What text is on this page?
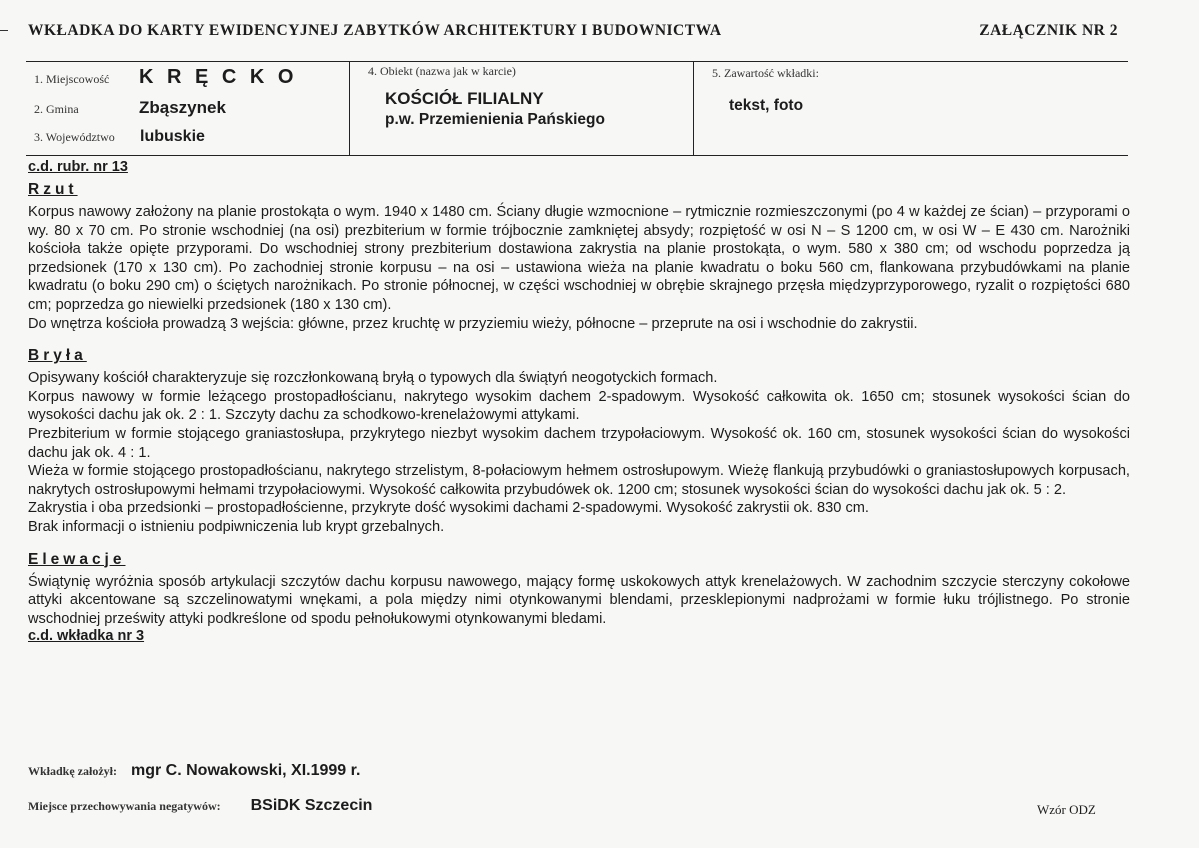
WKŁADKA DO KARTY EWIDENCYJNEJ ZABYTKÓW ARCHITEKTURY I BUDOWNICTWA	ZAŁĄCZNIK NR 2
1. Miejscowość	K R Ę C K O
2. Gmina	Zbąszynek
3. Województwo	lubuskie
4. Obiekt (nazwa jak w karcie)
KOŚCIÓŁ FILIALNY
p.w. Przemienienia Pańskiego
5. Zawartość wkładki:
tekst, foto
c.d. rubr. nr 13
Rzut

Korpus nawowy założony na planie prostokąta o wym. 1940 x 1480 cm. Ściany długie wzmocnione – rytmicznie rozmieszczonymi (po 4 w każdej ze ścian) – przyporami o wy. 80 x 70 cm. Po stronie wschodniej (na osi) prezbiterium w formie trójbocznie zamkniętej absydy; rozpiętość w osi N – S 1200 cm, w osi W – E 430 cm. Narożniki kościoła także opięte przyporami. Do wschodniej strony prezbiterium dostawiona zakrystia na planie prostokąta, o wym. 580 x 380 cm; od wschodu poprzedza ją przedsionek (170 x 130 cm). Po zachodniej stronie korpusu – na osi – ustawiona wieża na planie kwadratu o boku 560 cm, flankowana przybudówkami na planie kwadratu (o boku 290 cm) o ściętych narożnikach. Po stronie północnej, w części wschodniej w obrębie skrajnego przęsła międzyprzyporowego, ryzalit o rozpiętości 680 cm; poprzedza go niewielki przedsionek (180 x 130 cm).

Do wnętrza kościoła prowadzą 3 wejścia: główne, przez kruchtę w przyziemiu wieży, północne – przeprute na osi i wschodnie do zakrystii.

Bryła

Opisywany kościół charakteryzuje się rozczłonkowaną bryłą o typowych dla świątyń neogotyckich formach.

Korpus nawowy w formie leżącego prostopadłościanu, nakrytego wysokim dachem 2-spadowym. Wysokość całkowita ok. 1650 cm; stosunek wysokości ścian do wysokości dachu jak ok. 2 : 1. Szczyty dachu za schodkowo-krenelażowymi attykami.

Prezbiterium w formie stojącego graniastosłupa, przykrytego niezbyt wysokim dachem trzypołaciowym. Wysokość ok. 160 cm, stosunek wysokości ścian do wysokości dachu jak ok. 4 : 1.

Wieża w formie stojącego prostopadłościanu, nakrytego strzelistym, 8-połaciowym hełmem ostrosłupowym. Wieżę flankują przybudówki o graniastosłupowych korpusach, nakrytych ostrosłupowymi hełmami trzypołaciowymi. Wysokość całkowita przybudówek ok. 1200 cm; stosunek wysokości ścian do wysokości dachu jak ok. 5 : 2.

Zakrystia i oba przedsionki – prostopadłościenne, przykryte dość wysokimi dachami 2-spadowymi. Wysokość zakrystii ok. 830 cm.

Brak informacji o istnieniu podpiwniczenia lub krypt grzebalnych.

Elewacje

Świątynię wyróżnia sposób artykulacji szczytów dachu korpusu nawowego, mający formę uskokowych attyk krenelażowych. W zachodnim szczycie sterczyny cokołowe attyki akcentowane są szczelinowatymi wnękami, a pola między nimi otynkowanymi blendami, przesklepionymi nadprożami w formie łuku trójlistnego. Po stronie wschodniej prześwity attyki podkreślone od spodu pełnołukowymi otynkowanymi bledami.

c.d. wkładka nr 3
Wkładkę założył: mgr C. Nowakowski, XI.1999 r.
Miejsce przechowywania negatywów: BSiDK Szczecin	Wzór ODZ
